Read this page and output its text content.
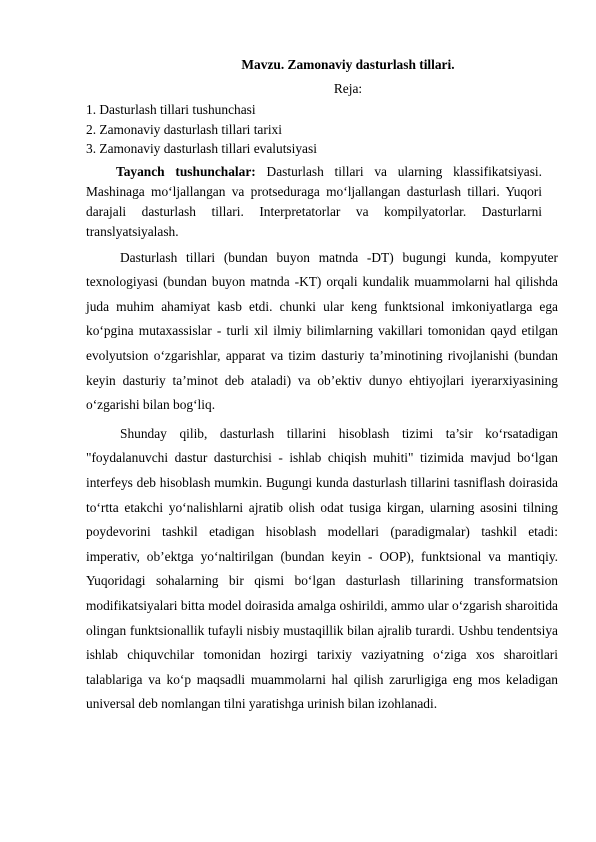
Mavzu. Zamonaviy dasturlash tillari.
Reja:
1. Dasturlash tillari tushunchasi
2. Zamonaviy dasturlash tillari tarixi
3. Zamonaviy dasturlash tillari evalutsiyasi

Tayanch tushunchalar: Dasturlash tillari va ularning klassifikatsiyasi. Mashinaga mo‘ljallangan va protseduraga mo‘ljallangan dasturlash tillari. Yuqori darajali dasturlash tillari. Interpretatorlar va kompilyatorlar. Dasturlarni translyatsiyalash.

Dasturlash tillari (bundan buyon matnda -DT) bugungi kunda, kompyuter texnologiyasi (bundan buyon matnda -KT) orqali kundalik muammolarni hal qilishda juda muhim ahamiyat kasb etdi. chunki ular keng funktsional imkoniyatlarga ega ko‘pgina mutaxassislar - turli xil ilmiy bilimlarning vakillari tomonidan qayd etilgan evolyutsion o‘zgarishlar, apparat va tizim dasturiy ta’minotining rivojlanishi (bundan keyin dasturiy ta’minot deb ataladi) va ob’ektiv dunyo ehtiyojlari iyerarxiyasining o‘zgarishi bilan bog‘liq.

Shunday qilib, dasturlash tillarini hisoblash tizimi ta’sir ko‘rsatadigan "foydalanuvchi dastur dasturchisi - ishlab chiqish muhiti" tizimida mavjud bo‘lgan interfeys deb hisoblash mumkin. Bugungi kunda dasturlash tillarini tasniflash doirasida to‘rtta etakchi yo‘nalishlarni ajratib olish odat tusiga kirgan, ularning asosini tilning poydevorini tashkil etadigan hisoblash modellari (paradigmalar) tashkil etadi: imperativ, ob’ektga yo‘naltirilgan (bundan keyin - OOP), funktsional va mantiqiy. Yuqoridagi sohalarning bir qismi bo‘lgan dasturlash tillarining transformatsion modifikatsiyalari bitta model doirasida amalga oshirildi, ammo ular o‘zgarish sharoitida olingan funktsionallik tufayli nisbiy mustaqillik bilan ajralib turardi. Ushbu tendentsiya ishlab chiquvchilar tomonidan hozirgi tarixiy vaziyatning o‘ziga xos sharoitlari talablariga va ko‘p maqsadli muammolarni hal qilish zarurligiga eng mos keladigan universal deb nomlangan tilni yaratishga urinish bilan izohlanadi.
